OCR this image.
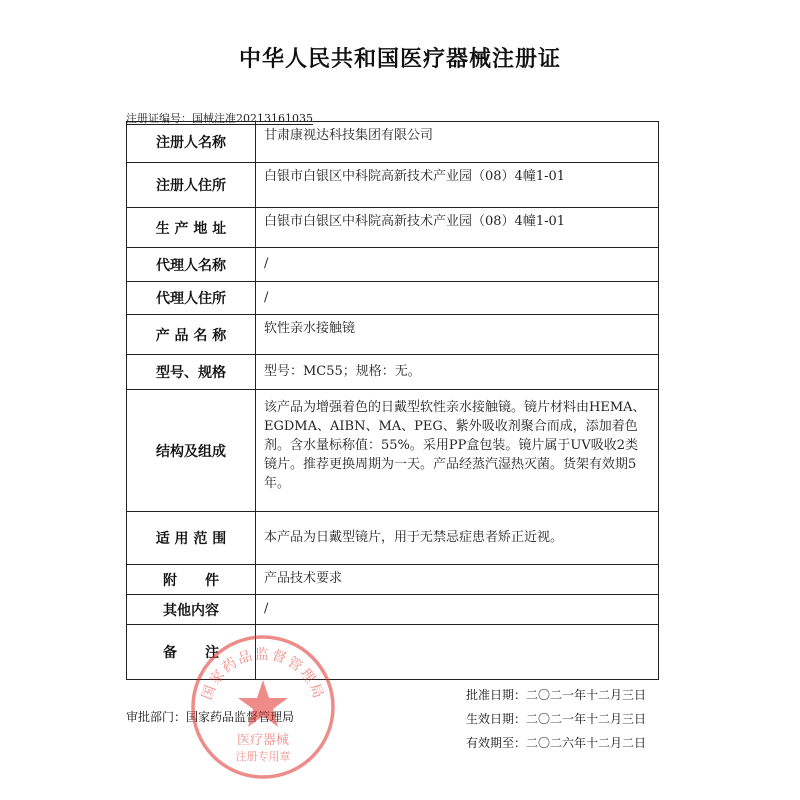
中华人民共和国医疗器械注册证
注册证编号：国械注准20213161035
注册人名称	甘肃康视达科技集团有限公司
注册人住所	白银市白银区中科院高新技术产业园（08）4幢1-01
生 产 地 址	白银市白银区中科院高新技术产业园（08）4幢1-01
代理人名称	/
代理人住所	/
产 品 名 称	软性亲水接触镜
型号、规格	型号：MC55；规格：无。
结构及组成	该产品为增强着色的日戴型软性亲水接触镜。镜片材料由HEMA、EGDMA、AIBN、MA、PEG、紫外吸收剂聚合而成，添加着色剂。含水量标称值：55%。采用PP盒包装。镜片属于UV吸收2类镜片。推荐更换周期为一天。产品经蒸汽湿热灭菌。货架有效期5年。
适 用 范 围	本产品为日戴型镜片，用于无禁忌症患者矫正近视。
附　　件	产品技术要求
其他内容	/
备　　注	
审批部门：国家药品监督管理局
批准日期：二〇二一年十二月三日
生效日期：二〇二一年十二月三日
有效期至：二〇二六年十二月二日
国家药品监督管理局
医疗器械
注册专用章
